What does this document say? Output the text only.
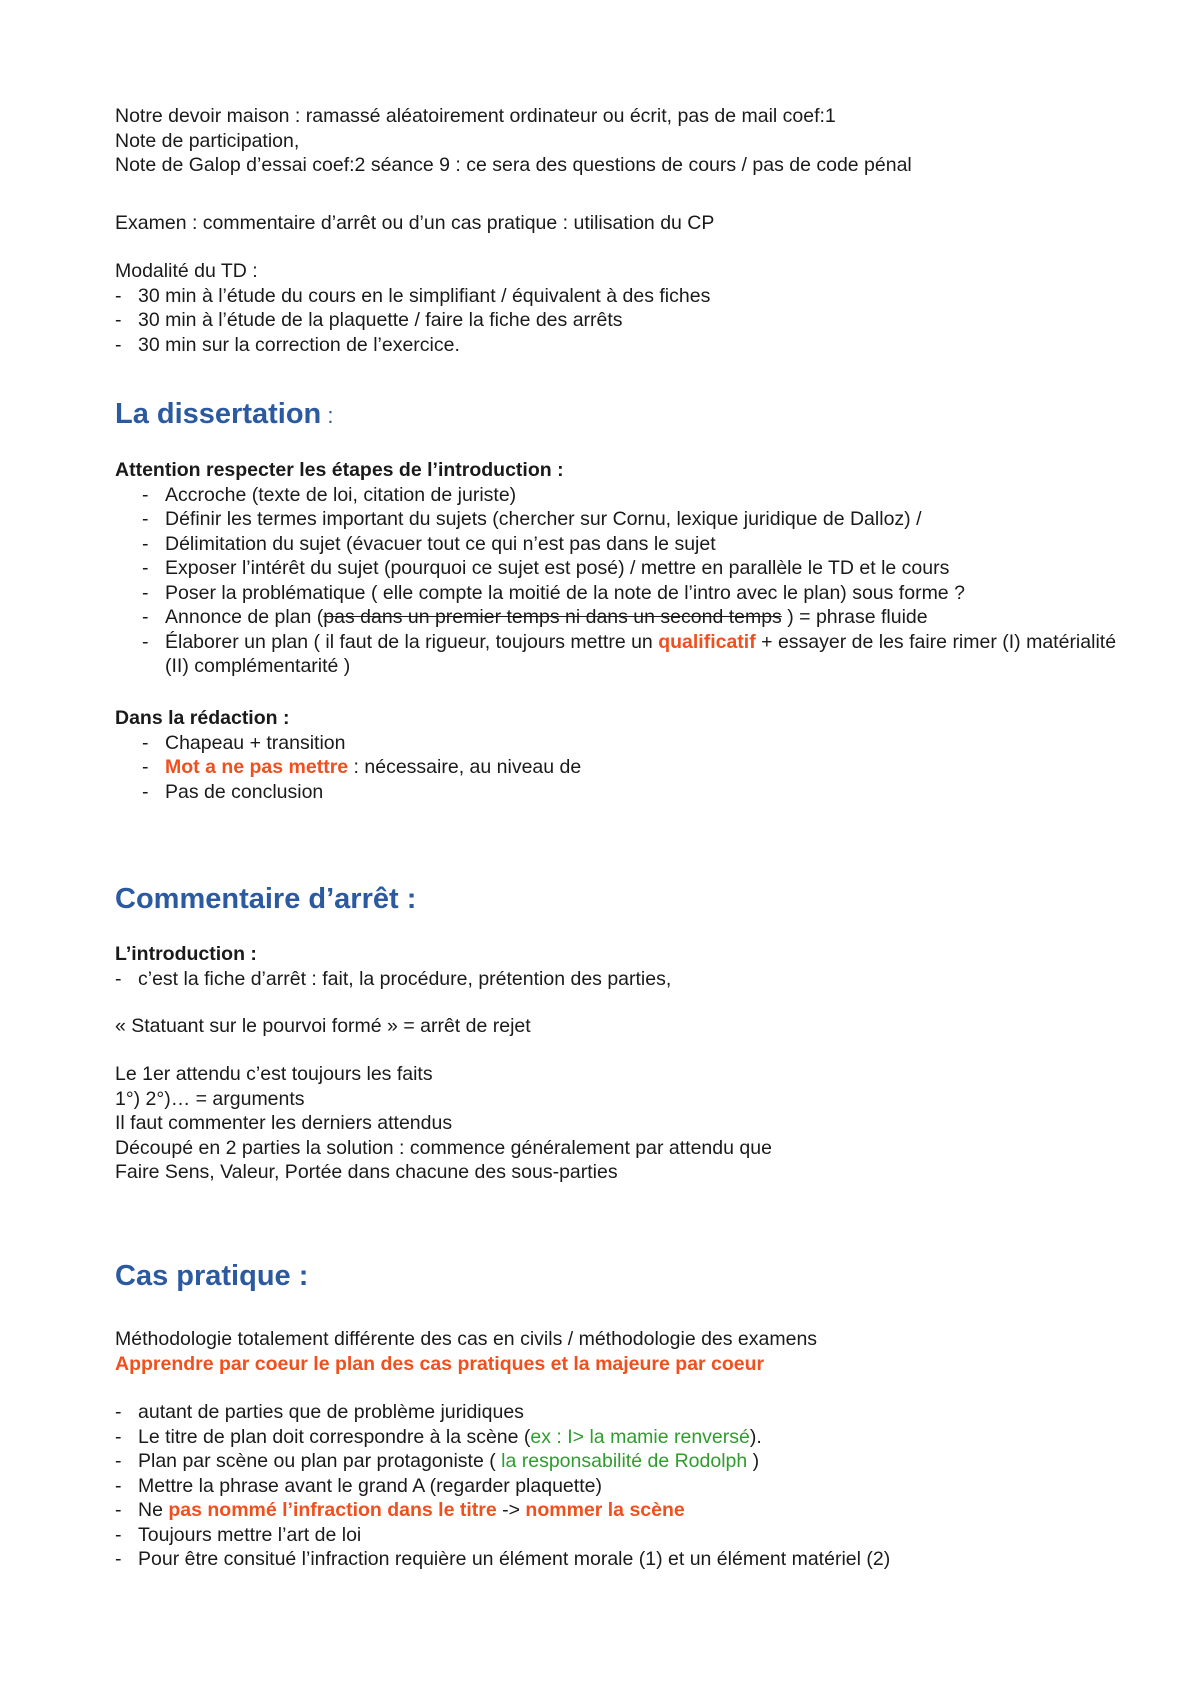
Notre devoir maison : ramassé aléatoirement ordinateur ou écrit, pas de mail coef:1
Note de participation,
Note de Galop d’essai coef:2 séance 9 : ce sera des questions de cours / pas de code pénal
Examen : commentaire d’arrêt ou d’un cas pratique : utilisation du CP
Modalité du TD :
- 30 min à l’étude du cours en le simplifiant / équivalent à des fiches
- 30 min à l’étude de la plaquette / faire la fiche des arrêts
- 30 min sur la correction de l’exercice.
La dissertation :
Attention respecter les étapes de l’introduction :
- Accroche (texte de loi, citation de juriste)
- Définir les termes important du sujets (chercher sur Cornu, lexique juridique de Dalloz) /
- Délimitation du sujet (évacuer tout ce qui n’est pas dans le sujet
- Exposer l’intérêt du sujet (pourquoi ce sujet est posé) / mettre en parallèle le TD et le cours
- Poser la problématique ( elle compte la moitié de la note de l’intro avec le plan) sous forme ?
- Annonce de plan (pas dans un premier temps ni dans un second temps ) = phrase fluide
- Élaborer un plan ( il faut de la rigueur, toujours mettre un qualificatif + essayer de les faire rimer (I) matérialité (II) complémentarité )
Dans la rédaction :
- Chapeau + transition
- Mot a ne pas mettre : nécessaire, au niveau de
- Pas de conclusion
Commentaire d’arrêt :
L’introduction :
- c’est la fiche d’arrêt : fait, la procédure, prétention des parties,
« Statuant sur le pourvoi formé » = arrêt de rejet
Le 1er attendu c’est toujours les faits
1°) 2°)… = arguments
Il faut commenter les derniers attendus
Découpé en 2 parties la solution : commence généralement par attendu que
Faire Sens, Valeur, Portée dans chacune des sous-parties
Cas pratique :
Méthodologie totalement différente des cas en civils / méthodologie des examens
Apprendre par coeur le plan des cas pratiques et la majeure par coeur
- autant de parties que de problème juridiques
- Le titre de plan doit correspondre à la scène (ex : I> la mamie renversé).
- Plan par scène ou plan par protagoniste ( la responsabilité de Rodolph )
- Mettre la phrase avant le grand A (regarder plaquette)
- Ne pas nommé l’infraction dans le titre -> nommer la scène
- Toujours mettre l’art de loi
- Pour être consitué l’infraction requière un élément morale (1) et un élément matériel (2)
